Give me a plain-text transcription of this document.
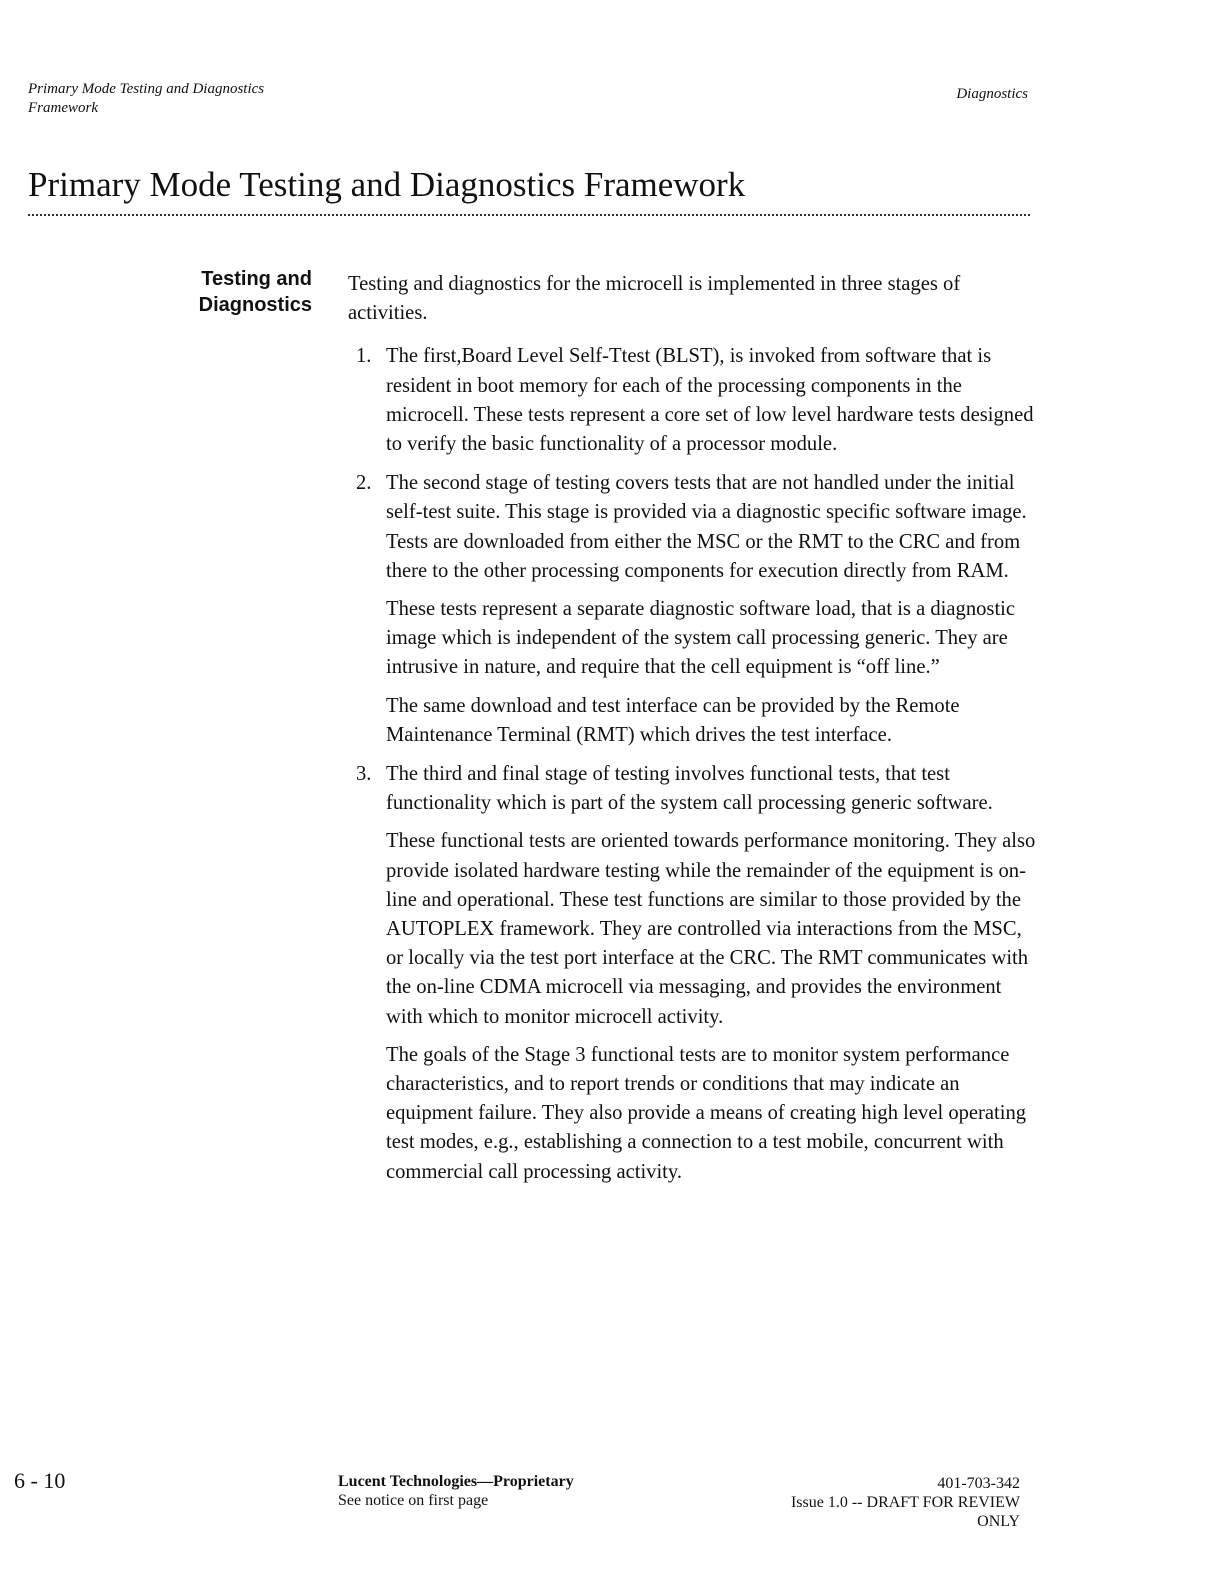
Primary Mode Testing and Diagnostics
Framework
Diagnostics
Primary Mode Testing and Diagnostics Framework
Testing and
Diagnostics

Testing and diagnostics for the microcell is implemented in three stages of activities.

1. The first,Board Level Self-Ttest (BLST), is invoked from software that is resident in boot memory for each of the processing components in the microcell. These tests represent a core set of low level hardware tests designed to verify the basic functionality of a processor module.

2. The second stage of testing covers tests that are not handled under the initial self-test suite. This stage is provided via a diagnostic specific software image. Tests are downloaded from either the MSC or the RMT to the CRC and from there to the other processing components for execution directly from RAM.

These tests represent a separate diagnostic software load, that is a diagnostic image which is independent of the system call processing generic. They are intrusive in nature, and require that the cell equipment is “off line.”

The same download and test interface can be provided by the Remote Maintenance Terminal (RMT) which drives the test interface.

3. The third and final stage of testing involves functional tests, that test functionality which is part of the system call processing generic software.

These functional tests are oriented towards performance monitoring. They also provide isolated hardware testing while the remainder of the equipment is on-line and operational. These test functions are similar to those provided by the AUTOPLEX framework. They are controlled via interactions from the MSC, or locally via the test port interface at the CRC. The RMT communicates with the on-line CDMA microcell via messaging, and provides the environment with which to monitor microcell activity.

The goals of the Stage 3 functional tests are to monitor system performance characteristics, and to report trends or conditions that may indicate an equipment failure. They also provide a means of creating high level operating test modes, e.g., establishing a connection to a test mobile, concurrent with commercial call processing activity.

6 - 10	Lucent Technologies—Proprietary
See notice on first page
401-703-342
Issue 1.0 -- DRAFT FOR REVIEW
ONLY
